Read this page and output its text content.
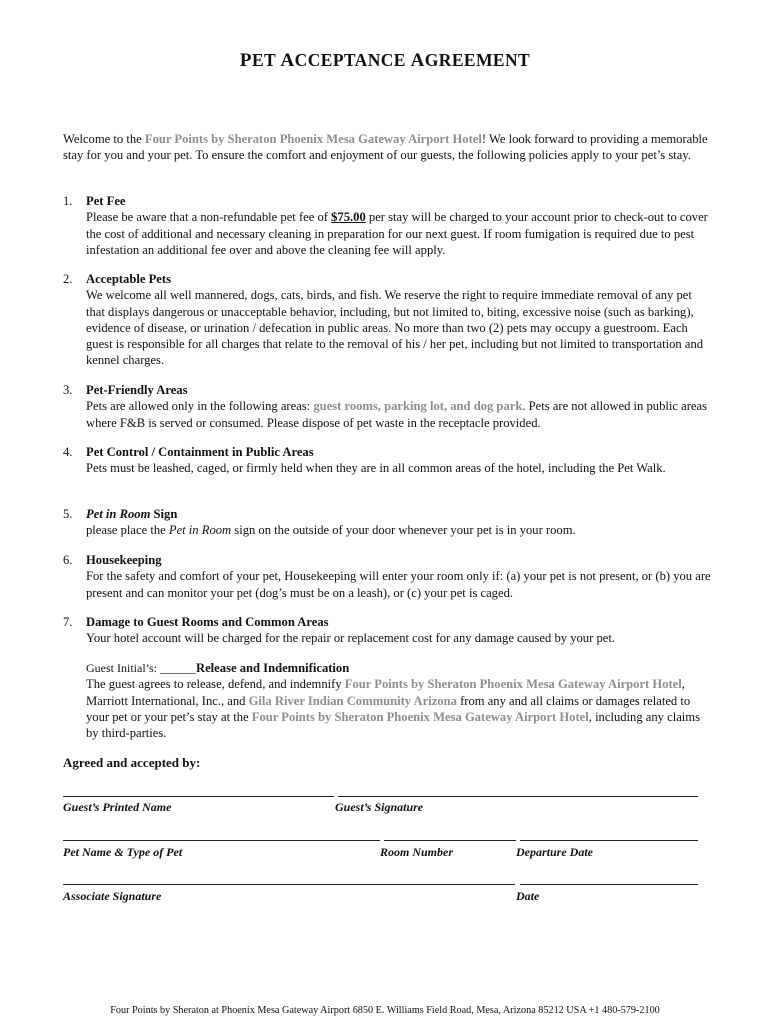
PET ACCEPTANCE AGREEMENT
Welcome to the Four Points by Sheraton Phoenix Mesa Gateway Airport Hotel! We look forward to providing a memorable stay for you and your pet. To ensure the comfort and enjoyment of our guests, the following policies apply to your pet’s stay.
1. Pet Fee
Please be aware that a non-refundable pet fee of $75.00 per stay will be charged to your account prior to check-out to cover the cost of additional and necessary cleaning in preparation for our next guest. If room fumigation is required due to pest infestation an additional fee over and above the cleaning fee will apply.
2. Acceptable Pets
We welcome all well mannered, dogs, cats, birds, and fish. We reserve the right to require immediate removal of any pet that displays dangerous or unacceptable behavior, including, but not limited to, biting, excessive noise (such as barking), evidence of disease, or urination / defecation in public areas. No more than two (2) pets may occupy a guestroom. Each guest is responsible for all charges that relate to the removal of his / her pet, including but not limited to transportation and kennel charges.
3. Pet-Friendly Areas
Pets are allowed only in the following areas: guest rooms, parking lot, and dog park. Pets are not allowed in public areas where F&B is served or consumed. Please dispose of pet waste in the receptacle provided.
4. Pet Control / Containment in Public Areas
Pets must be leashed, caged, or firmly held when they are in all common areas of the hotel, including the Pet Walk.
5. Pet in Room Sign
please place the Pet in Room sign on the outside of your door whenever your pet is in your room.
6. Housekeeping
For the safety and comfort of your pet, Housekeeping will enter your room only if: (a) your pet is not present, or (b) you are present and can monitor your pet (dog’s must be on a leash), or (c) your pet is caged.
7. Damage to Guest Rooms and Common Areas
Your hotel account will be charged for the repair or replacement cost for any damage caused by your pet.
Guest Initial’s: ______Release and Indemnification
The guest agrees to release, defend, and indemnify Four Points by Sheraton Phoenix Mesa Gateway Airport Hotel, Marriott International, Inc., and Gila River Indian Community Arizona from any and all claims or damages related to your pet or your pet’s stay at the Four Points by Sheraton Phoenix Mesa Gateway Airport Hotel, including any claims by third-parties.
Agreed and accepted by:
Guest’s Printed Name	Guest’s Signature
Pet Name & Type of Pet	Room Number	Departure Date
Associate Signature	Date
Four Points by Sheraton at Phoenix Mesa Gateway Airport 6850 E. Williams Field Road, Mesa, Arizona 85212 USA +1 480-579-2100
